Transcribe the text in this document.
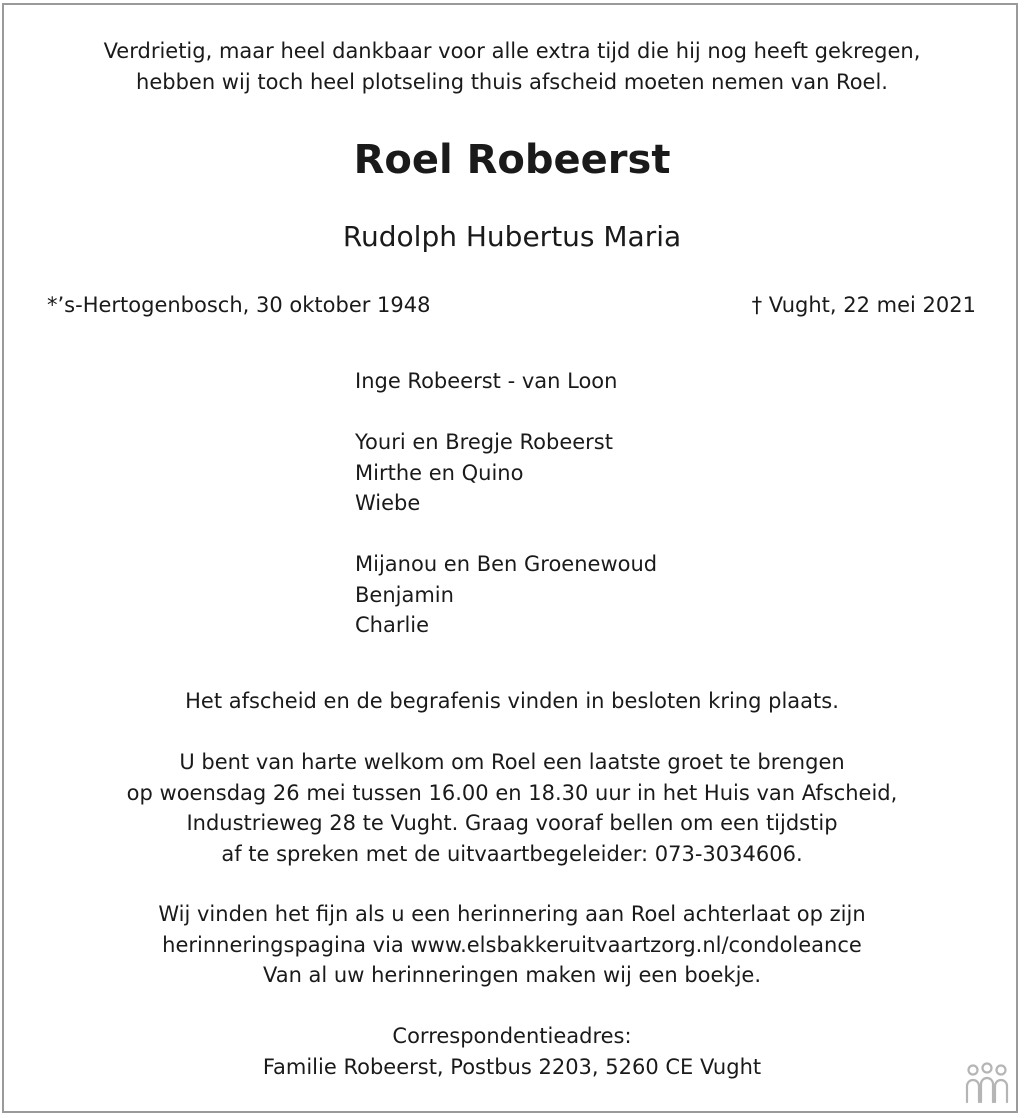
Verdrietig, maar heel dankbaar voor alle extra tijd die hij nog heeft gekregen,
hebben wij toch heel plotseling thuis afscheid moeten nemen van Roel.
Roel Robeerst
Rudolph Hubertus Maria
*’s-Hertogenbosch, 30 oktober 1948	† Vught, 22 mei 2021
Inge Robeerst - van Loon
Youri en Bregje Robeerst
Mirthe en Quino
Wiebe
Mijanou en Ben Groenewoud
Benjamin
Charlie
Het afscheid en de begrafenis vinden in besloten kring plaats.
U bent van harte welkom om Roel een laatste groet te brengen
op woensdag 26 mei tussen 16.00 en 18.30 uur in het Huis van Afscheid,
Industrieweg 28 te Vught. Graag vooraf bellen om een tijdstip
af te spreken met de uitvaartbegeleider: 073-3034606.
Wij vinden het fijn als u een herinnering aan Roel achterlaat op zijn
herinneringspagina via www.elsbakkeruitvaartzorg.nl/condoleance
Van al uw herinneringen maken wij een boekje.
Correspondentieadres:
Familie Robeerst, Postbus 2203, 5260 CE Vught
